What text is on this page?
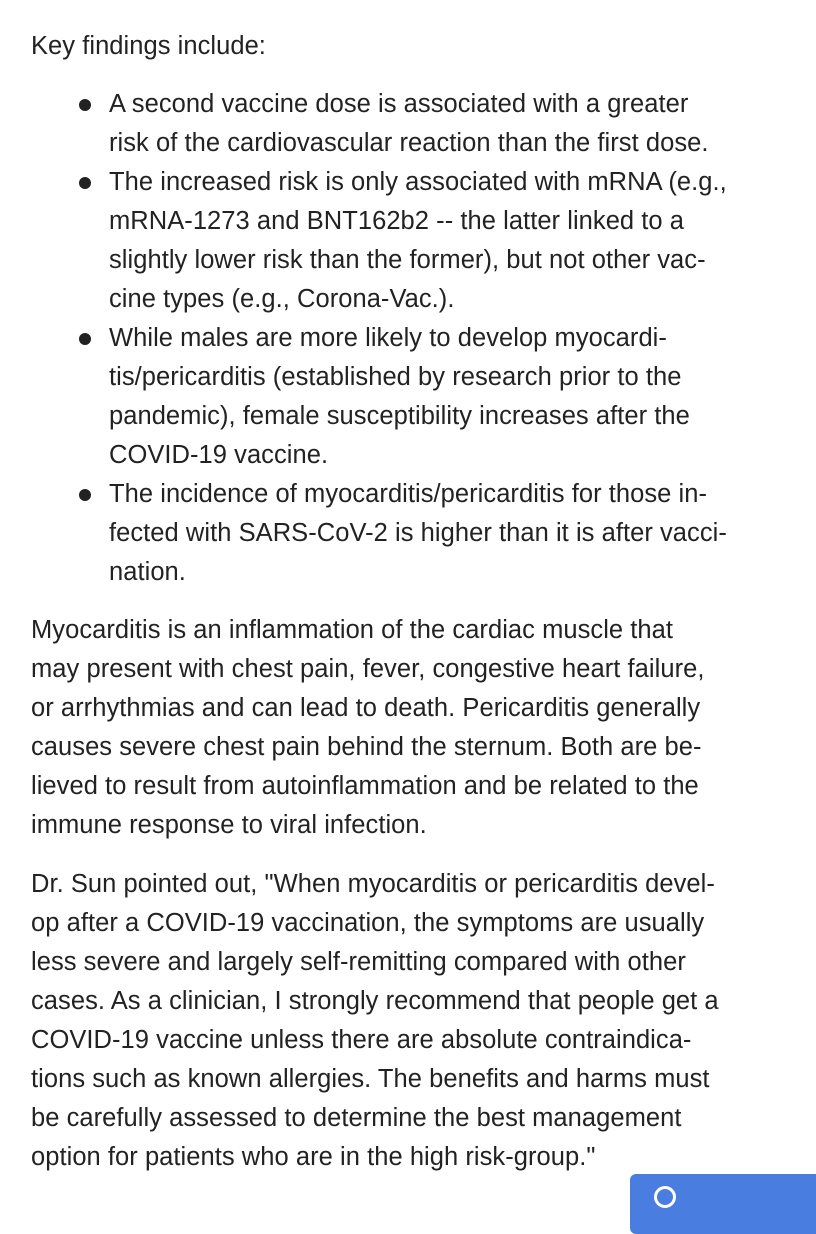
Key findings include:
A second vaccine dose is associated with a greater
risk of the cardiovascular reaction than the first dose.
The increased risk is only associated with mRNA (e.g.,
mRNA-1273 and BNT162b2 -- the latter linked to a
slightly lower risk than the former), but not other vac-
cine types (e.g., Corona-Vac.).
While males are more likely to develop myocardi-
tis/pericarditis (established by research prior to the
pandemic), female susceptibility increases after the
COVID-19 vaccine.
The incidence of myocarditis/pericarditis for those in-
fected with SARS-CoV-2 is higher than it is after vacci-
nation.
Myocarditis is an inflammation of the cardiac muscle that
may present with chest pain, fever, congestive heart failure,
or arrhythmias and can lead to death. Pericarditis generally
causes severe chest pain behind the sternum. Both are be-
lieved to result from autoinflammation and be related to the
immune response to viral infection.
Dr. Sun pointed out, "When myocarditis or pericarditis devel-
op after a COVID-19 vaccination, the symptoms are usually
less severe and largely self-remitting compared with other
cases. As a clinician, I strongly recommend that people get a
COVID-19 vaccine unless there are absolute contraindica-
tions such as known allergies. The benefits and harms must
be carefully assessed to determine the best management
option for patients who are in the high risk-group."
